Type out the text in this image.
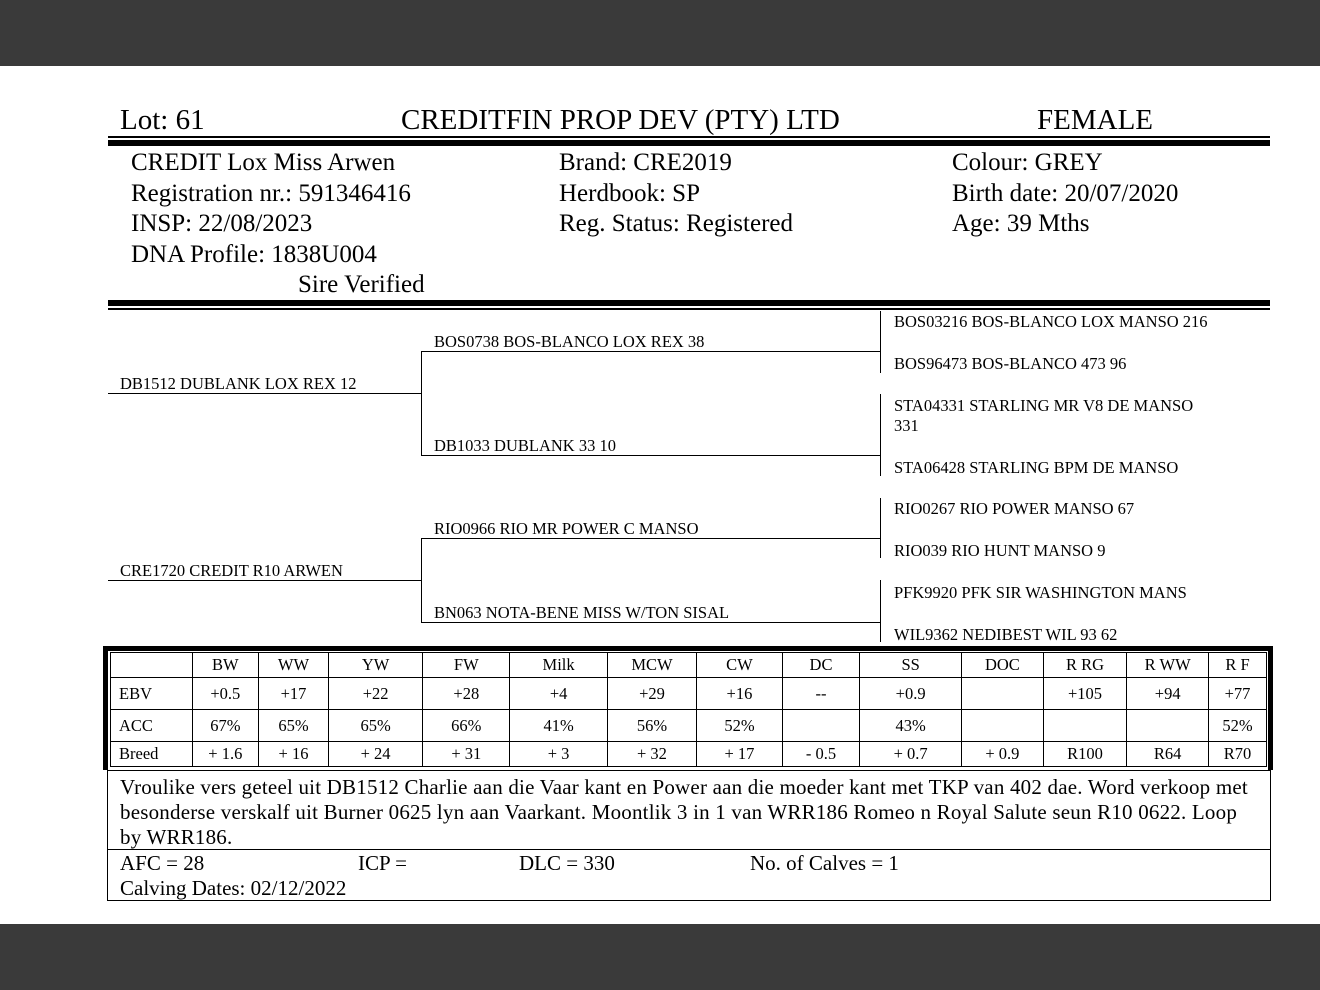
Lot: 61	CREDITFIN PROP DEV (PTY) LTD	FEMALE
CREDIT Lox Miss Arwen
Registration nr.: 591346416
INSP: 22/08/2023
DNA Profile: 1838U004
Sire Verified
Brand: CRE2019
Herdbook: SP
Reg. Status: Registered
Colour: GREY
Birth date: 20/07/2020
Age: 39 Mths
DB1512 DUBLANK LOX REX 12
CRE1720 CREDIT R10 ARWEN
BOS0738 BOS-BLANCO LOX REX 38
DB1033 DUBLANK 33 10
RIO0966 RIO MR POWER C MANSO
BN063 NOTA-BENE MISS W/TON SISAL
BOS03216 BOS-BLANCO LOX MANSO 216
BOS96473 BOS-BLANCO 473 96
STA04331 STARLING MR V8 DE MANSO
331
STA06428 STARLING BPM DE MANSO
RIO0267 RIO POWER MANSO 67
RIO039 RIO HUNT MANSO 9
PFK9920 PFK SIR WASHINGTON MANS
WIL9362 NEDIBEST WIL 93 62
	BW	WW	YW	FW	Milk	MCW	CW	DC	SS	DOC	R RG	R WW	R F
EBV	+0.5	+17	+22	+28	+4	+29	+16	--	+0.9		+105	+94	+77
ACC	67%	65%	65%	66%	41%	56%	52%		43%				52%
Breed	+ 1.6	+ 16	+ 24	+ 31	+ 3	+ 32	+ 17	- 0.5	+ 0.7	+ 0.9	R100	R64	R70
Vroulike vers geteel uit DB1512 Charlie aan die Vaar kant en Power aan die moeder kant met TKP van 402 dae. Word verkoop met besonderse verskalf uit Burner 0625 lyn aan Vaarkant. Moontlik 3 in 1 van WRR186 Romeo n Royal Salute seun R10 0622. Loop by WRR186.
AFC = 28	ICP =	DLC = 330	No. of Calves = 1
Calving Dates: 02/12/2022
